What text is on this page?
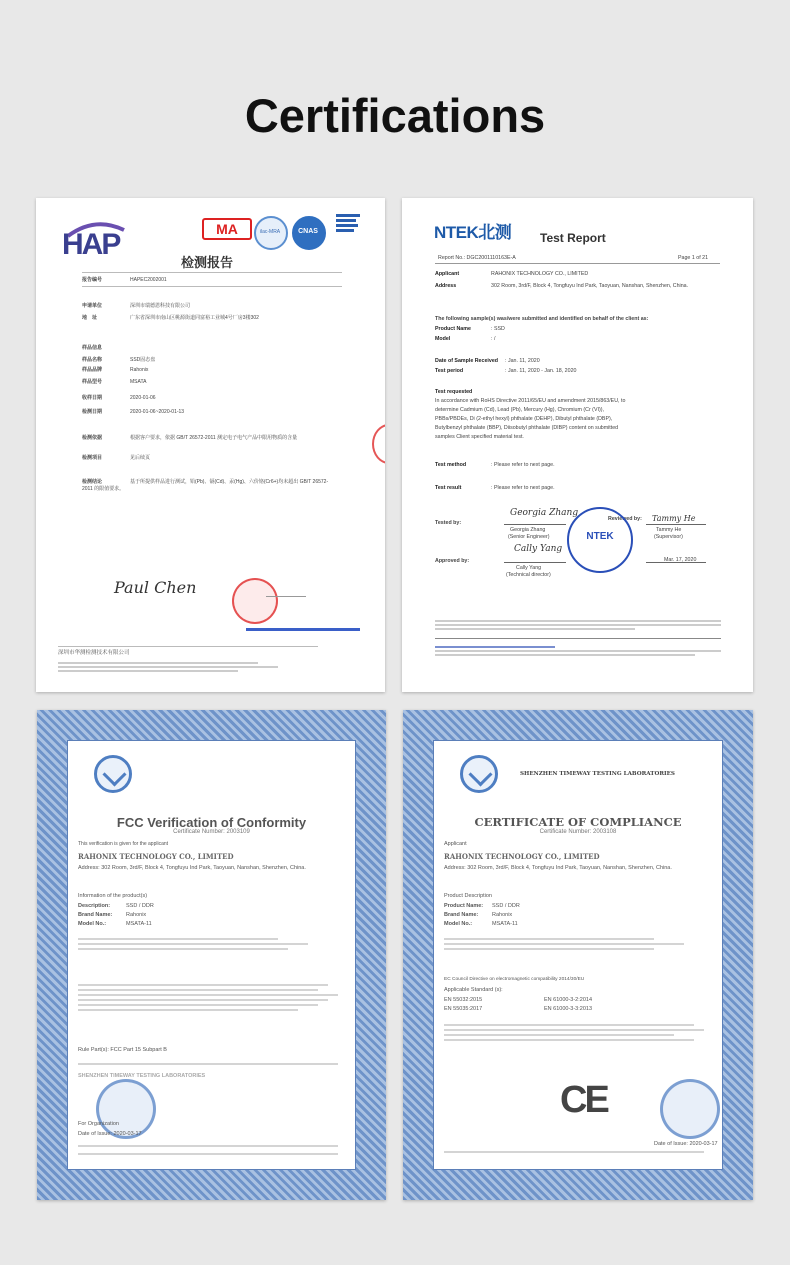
Certifications
HAP	MA	ilac-MRA	CNAS
检测报告
报告编号	HAPEC2002001
申请单位	深圳市瑞德恩科技有限公司
地　址	广东省深圳市南山区桃源街道同富裕工业城4号厂房3楼302
样品信息
样品名称	SSD固态盘
样品品牌	Rahonix
样品型号	MSATA
收样日期	2020-01-06
检测日期	2020-01-06~2020-01-13
检测依据	根据客户要求，依据 GB/T 26572-2011 测定电子电气产品中限用物质的含量
检测项目	见后续页
检测结论	基于所提供样品进行测试，铅(Pb)、镉(Cd)、汞(Hg)、六价铬(Cr6+)均未超出 GB/T 26572-2011 的限值要求。
Paul Chen
深圳市华测检测技术有限公司
NTEK北测 Test Report
Report No.: DGC2001110163E-A	Page 1 of 21
Applicant	RAHONIX TECHNOLOGY CO., LIMITED
Address	302 Room, 3rd/F, Block 4, Tongfuyu Ind Park, Taoyuan, Nanshan, Shenzhen, China.
The following sample(s) was/were submitted and identified on behalf of the client as:
Product Name	: SSD
Model	: /
Date of Sample Received : Jan. 11, 2020
Test period	: Jan. 11, 2020 - Jan. 18, 2020
Test requested
In accordance with RoHS Directive 2011/65/EU and amendment 2015/863/EU, to
determine Cadmium (Cd), Lead (Pb), Mercury (Hg), Chromium (Cr (VI)),
PBBs/PBDEs, Di (2-ethyl hexyl) phthalate (DEHP), Dibutyl phthalate (DBP),
Butylbenzyl phthalate (BBP), Diisobutyl phthalate (DIBP) content on submitted
samples Client specified material test.
Test method	: Please refer to next page.
Test result	: Please refer to next page.
Tested by:
Georgia Zhang
Georgia Zhang
(Senior Engineer)
Reviewed by: Tammy He
Tammy He
(Supervisor)
NTEK
Approved by:
Cally Yang
Cally Yang
(Technical director)
Mar. 17, 2020
FCC Verification of Conformity
Certificate Number: 2003109
This verification is given for the applicant
RAHONIX TECHNOLOGY CO., LIMITED
Address: 302 Room, 3rd/F, Block 4, Tongfuyu Ind Park, Taoyuan, Nanshan, Shenzhen, China.
Information of the product(s)
Description:	SSD / DDR
Brand Name:	Rahonix
Model No.:	MSATA-11
Rule Part(s): FCC Part 15 Subpart B
SHENZHEN TIMEWAY TESTING LABORATORIES
For Organization
Date of Issue: 2020-03-17
SHENZHEN TIMEWAY TESTING LABORATORIES
CERTIFICATE OF COMPLIANCE
Certificate Number: 2003108
Applicant
RAHONIX TECHNOLOGY CO., LIMITED
Address: 302 Room, 3rd/F, Block 4, Tongfuyu Ind Park, Taoyuan, Nanshan, Shenzhen, China.
Product Description
Product Name: SSD / DDR
Brand Name:	Rahonix
Model No.:	MSATA-11
EC Council Directive on electromagnetic compatibility 2014/30/EU
Applicable Standard (s):
EN 55032:2015	EN 61000-3-2:2014
EN 55035:2017	EN 61000-3-3:2013
CE
Date of Issue: 2020-03-17
